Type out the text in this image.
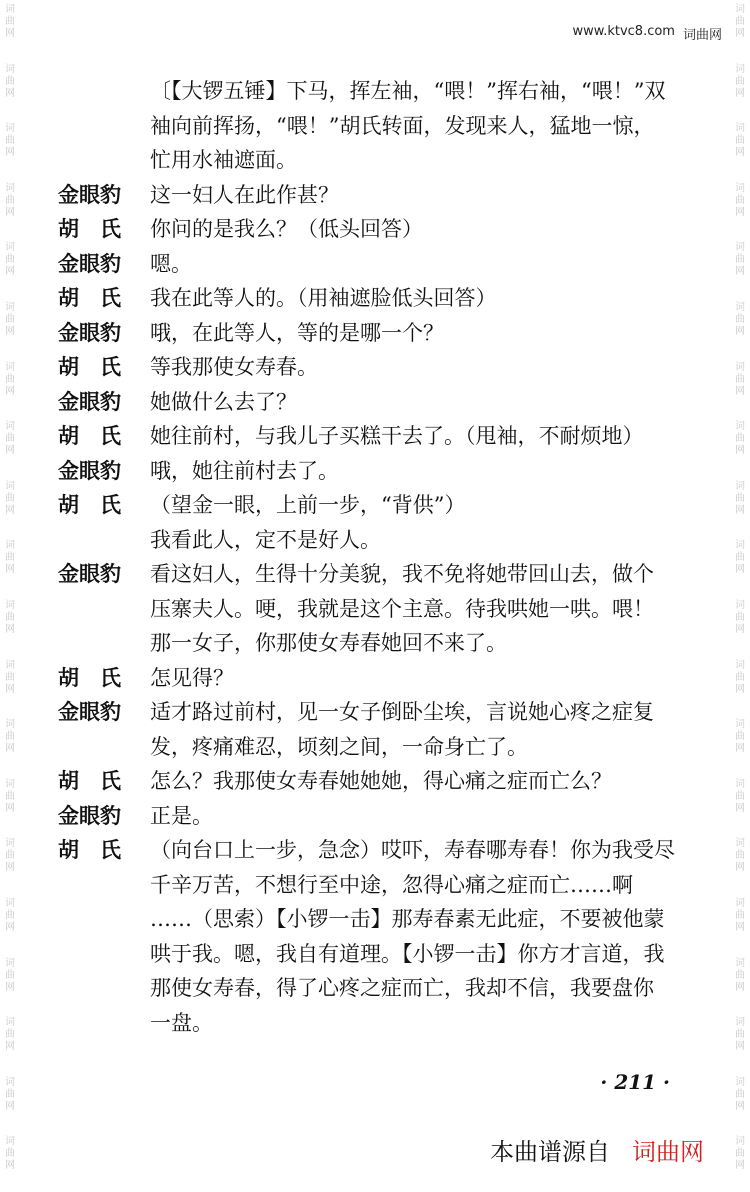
词
曲
网
词
曲
网
词
曲
网
词
曲
网
词
曲
网
词
曲
网
词
曲
网
词
曲
网
词
曲
网
词
曲
网
词
曲
网
词
曲
网
词
曲
网
词
曲
网
词
曲
网
词
曲
网
词
曲
网
词
曲
网
词
曲
网
词
曲
网
词
曲
网
词
曲
网
词
曲
网
词
曲
网
词
曲
网
词
曲
网
词
曲
网
词
曲
网
词
曲
网
词
曲
网
词
曲
网
词
曲
网
词
曲
网
词
曲
网
词
曲
网
词
曲
网
词
曲
网
词
曲
网
词
曲
网
词
曲
网
www.ktvc8.com 词曲网
〔【大锣五锤】下马，挥左袖，“喂！”挥右袖，“喂！”双
袖向前挥扬，“喂！”胡氏转面，发现来人，猛地一惊，
忙用水袖遮面。
金眼豹	这一妇人在此作甚？
胡　氏	你问的是我么？（低头回答）
金眼豹	嗯。
胡　氏	我在此等人的。（用袖遮脸低头回答）
金眼豹	哦，在此等人，等的是哪一个？
胡　氏	等我那使女寿春。
金眼豹	她做什么去了？
胡　氏	她往前村，与我儿子买糕干去了。（甩袖，不耐烦地）
金眼豹	哦，她往前村去了。
胡　氏	（望金一眼，上前一步，“背供”）
我看此人，定不是好人。
金眼豹	看这妇人，生得十分美貌，我不免将她带回山去，做个
压寨夫人。哽，我就是这个主意。待我哄她一哄。喂！
那一女子，你那使女寿春她回不来了。
胡　氏	怎见得？
金眼豹	适才路过前村，见一女子倒卧尘埃，言说她心疼之症复
发，疼痛难忍，顷刻之间，一命身亡了。
胡　氏	怎么？我那使女寿春她她她，得心痛之症而亡么？
金眼豹	正是。
胡　氏	（向台口上一步，急念）哎吓，寿春哪寿春！你为我受尽
千辛万苦，不想行至中途，忽得心痛之症而亡……啊
……（思索）【小锣一击】那寿春素无此症，不要被他蒙
哄于我。嗯，我自有道理。【小锣一击】你方才言道，我
那使女寿春，得了心疼之症而亡，我却不信，我要盘你
一盘。
· 211 ·
本曲谱源自 词曲网
